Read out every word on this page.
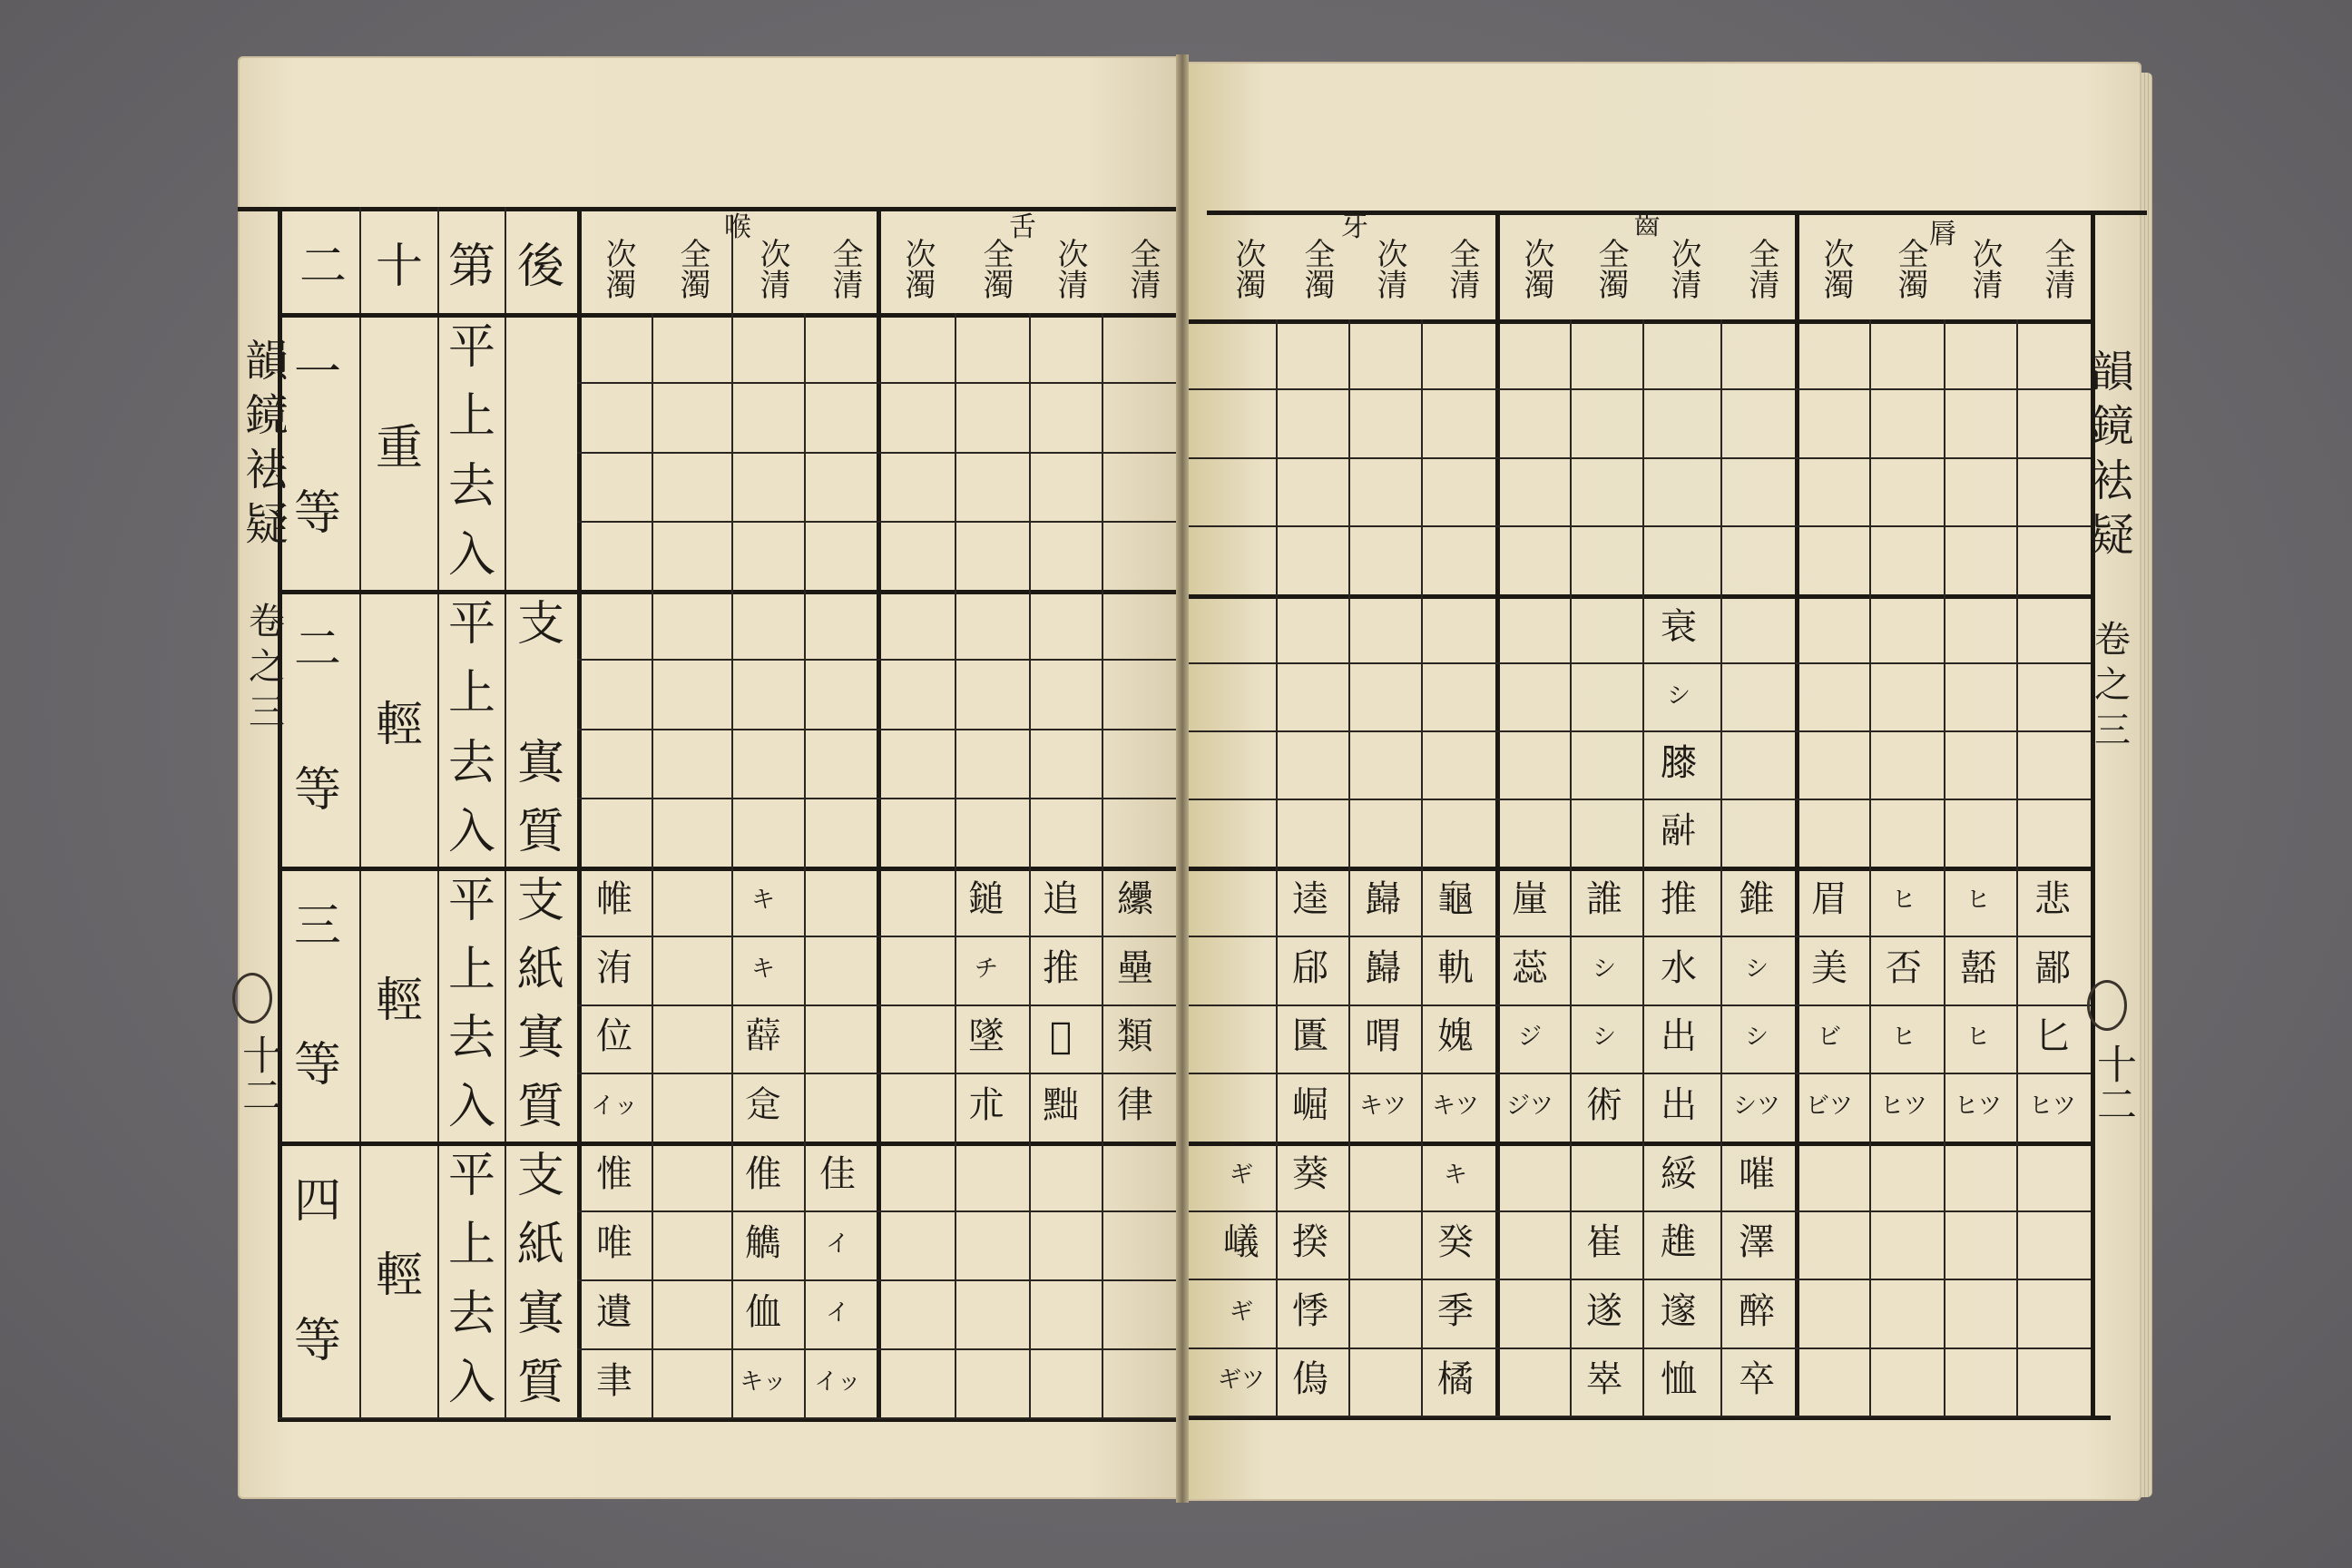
二 十 第 後
喉	舌
次濁 全濁 次清 全清 次濁 全濁 次清 全清
一
等
重
平
上
去
入
二
等
輕
平
上
去
入
支
寘
質
三
等
輕
平
上
去
入
支
紙
寘
質
四
等
輕
平
上
去
入
支
紙
寘
質
帷
洧
位
イッ
キ
キ
𧀼
𧿍
惟
唯
遺
聿
倠
觹
侐
キッ
佳
イ
イ
イッ
追
推
𩟽
黜
纝
壘
類
律
鎚
チ
墜
朮
脣
齒
牙
次濁 全濁 次清 全清
次濁 全濁 次清 全清
次濁 全濁 次清 全清
衰
シ
𦡀
𩰫
悲
鄙
匕
ヒツ
ヒ
嚭
ヒ
ヒツ
ヒ
否
ヒ
ヒツ
眉
美
ビ
ビツ
錐
シ
シ
シツ
推
水
出
出
誰
シ
シ
術
𡺉
蕊
ジ
ジツ
龜
軌
媿
キツ
巋
巋
喟
キツ
逵
郈
匱
崛
嗺
澤
醉
卒
綏
趡
邃
恤
崔
遂
崒
キ
癸
季
橘
葵
揆
悸
𠌥
ギ
嶬
ギ
ギツ
韻鏡袪疑
卷之三
十二
韻鏡袪疑
卷之三
十二
